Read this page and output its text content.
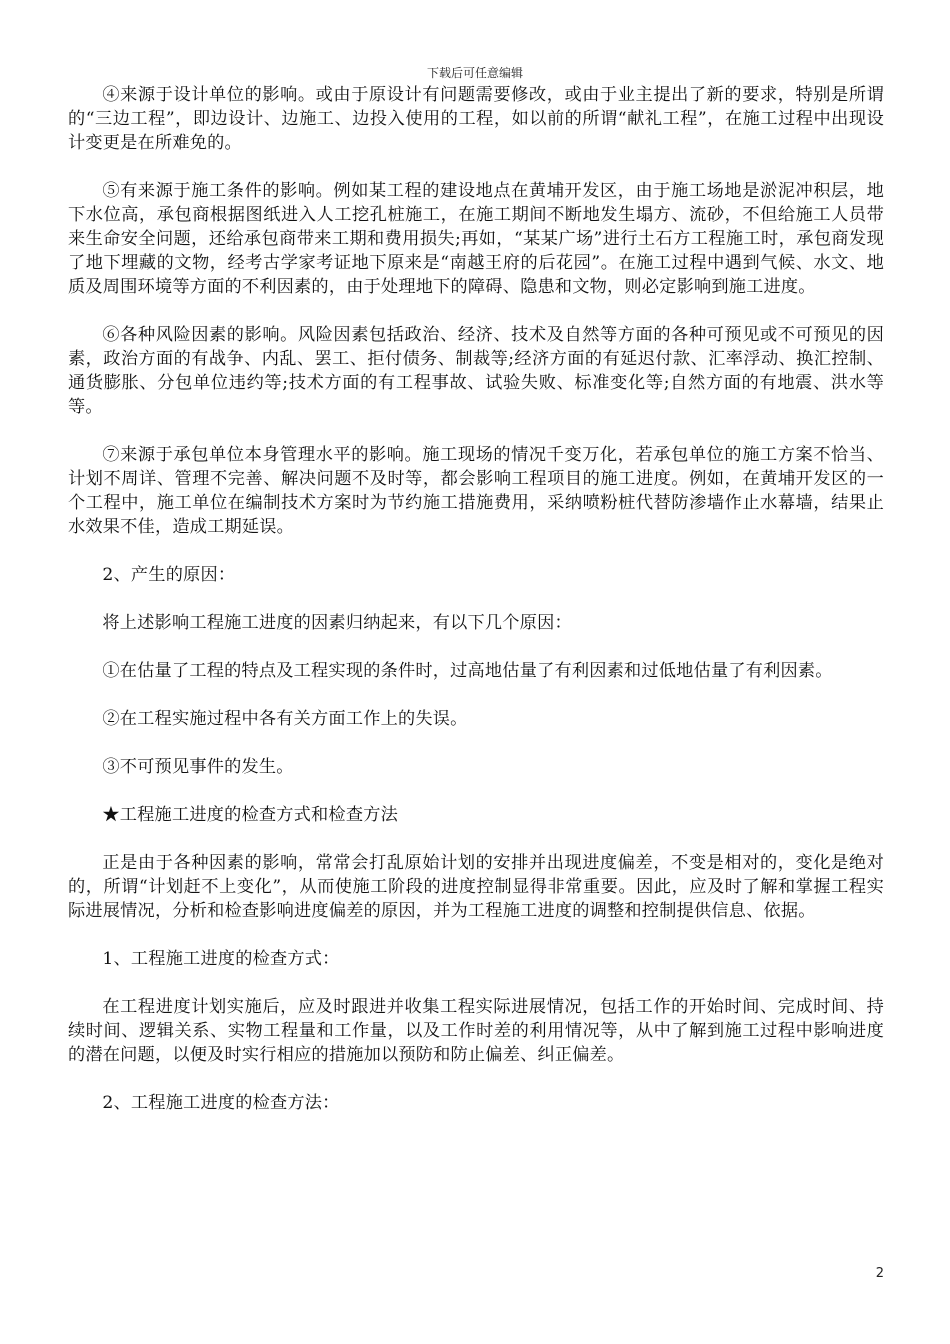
下载后可任意编辑

④来源于设计单位的影响。或由于原设计有问题需要修改，或由于业主提出了新的要求，特别是所谓的“三边工程”，即边设计、边施工、边投入使用的工程，如以前的所谓“献礼工程”，在施工过程中出现设计变更是在所难免的。

⑤有来源于施工条件的影响。例如某工程的建设地点在黄埔开发区，由于施工场地是淤泥冲积层，地下水位高，承包商根据图纸进入人工挖孔桩施工，在施工期间不断地发生塌方、流砂，不但给施工人员带来生命安全问题，还给承包商带来工期和费用损失;再如，“某某广场”进行土石方工程施工时，承包商发现了地下埋藏的文物，经考古学家考证地下原来是“南越王府的后花园”。在施工过程中遇到气候、水文、地质及周围环境等方面的不利因素的，由于处理地下的障碍、隐患和文物，则必定影响到施工进度。

⑥各种风险因素的影响。风险因素包括政治、经济、技术及自然等方面的各种可预见或不可预见的因素，政治方面的有战争、内乱、罢工、拒付债务、制裁等;经济方面的有延迟付款、汇率浮动、换汇控制、通货膨胀、分包单位违约等;技术方面的有工程事故、试验失败、标准变化等;自然方面的有地震、洪水等等。

⑦来源于承包单位本身管理水平的影响。施工现场的情况千变万化，若承包单位的施工方案不恰当、计划不周详、管理不完善、解决问题不及时等，都会影响工程项目的施工进度。例如，在黄埔开发区的一个工程中，施工单位在编制技术方案时为节约施工措施费用，采纳喷粉桩代替防渗墙作止水幕墙，结果止水效果不佳，造成工期延误。

2、产生的原因：

将上述影响工程施工进度的因素归纳起来，有以下几个原因：

①在估量了工程的特点及工程实现的条件时，过高地估量了有利因素和过低地估量了有利因素。

②在工程实施过程中各有关方面工作上的失误。

③不可预见事件的发生。

★工程施工进度的检查方式和检查方法

正是由于各种因素的影响，常常会打乱原始计划的安排并出现进度偏差，不变是相对的，变化是绝对的，所谓“计划赶不上变化”，从而使施工阶段的进度控制显得非常重要。因此，应及时了解和掌握工程实际进展情况，分析和检查影响进度偏差的原因，并为工程施工进度的调整和控制提供信息、依据。

1、工程施工进度的检查方式：

在工程进度计划实施后，应及时跟进并收集工程实际进展情况，包括工作的开始时间、完成时间、持续时间、逻辑关系、实物工程量和工作量，以及工作时差的利用情况等，从中了解到施工过程中影响进度的潜在问题，以便及时实行相应的措施加以预防和防止偏差、纠正偏差。

2、工程施工进度的检查方法：

2
